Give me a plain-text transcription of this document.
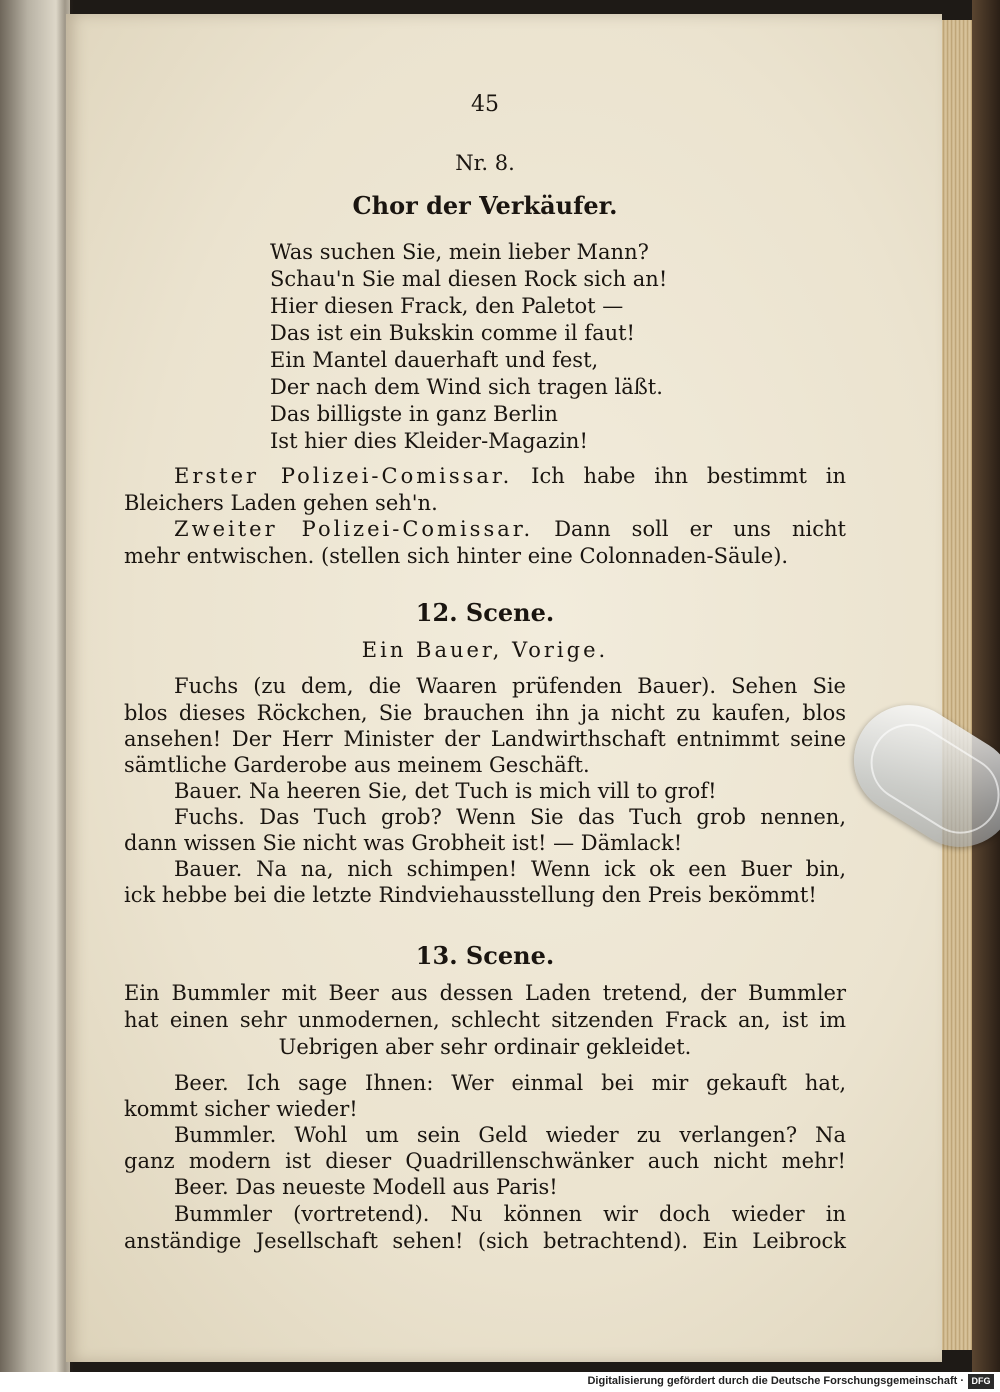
45
Nr. 8.
Chor der Verkäufer.
Was suchen Sie, mein lieber Mann?
Schau'n Sie mal diesen Rock sich an!
Hier diesen Frack, den Paletot —
Das ist ein Bukskin comme il faut!
Ein Mantel dauerhaft und fest,
Der nach dem Wind sich tragen läßt.
Das billigste in ganz Berlin
Ist hier dies Kleider-Magazin!
Erster Polizei-Comissar. Ich habe ihn bestimmt in
Bleichers Laden gehen seh'n.
Zweiter Polizei-Comissar. Dann soll er uns nicht
mehr entwischen. (stellen sich hinter eine Colonnaden-Säule).
12. Scene.
Ein Bauer, Vorige.
Fuchs (zu dem, die Waaren prüfenden Bauer). Sehen Sie
blos dieses Röckchen, Sie brauchen ihn ja nicht zu kaufen, blos
ansehen! Der Herr Minister der Landwirthschaft entnimmt seine
sämtliche Garderobe aus meinem Geschäft.
Bauer. Na heeren Sie, det Tuch is mich vill to grof!
Fuchs. Das Tuch grob? Wenn Sie das Tuch grob nennen,
dann wissen Sie nicht was Grobheit ist! — Dämlack!
Bauer. Na na, nich schimpen! Wenn ick ok een Buer bin,
ick hebbe bei die letzte Rindviehausstellung den Preis beкömmt!
13. Scene.
Ein Bummler mit Beer aus dessen Laden tretend, der Bummler
hat einen sehr unmodernen, schlecht sitzenden Frack an, ist im
Uebrigen aber sehr ordinair gekleidet.
Beer. Ich sage Ihnen: Wer einmal bei mir gekauft hat,
kommt sicher wieder!
Bummler. Wohl um sein Geld wieder zu verlangen? Na
ganz modern ist dieser Quadrillenschwänker auch nicht mehr!
Beer. Das neueste Modell aus Paris!
Bummler (vortretend). Nu können wir doch wieder in
anständige Jesellschaft sehen! (sich betrachtend). Ein Leibrock
Digitalisierung gefördert durch die Deutsche Forschungsgemeinschaft · DFG
